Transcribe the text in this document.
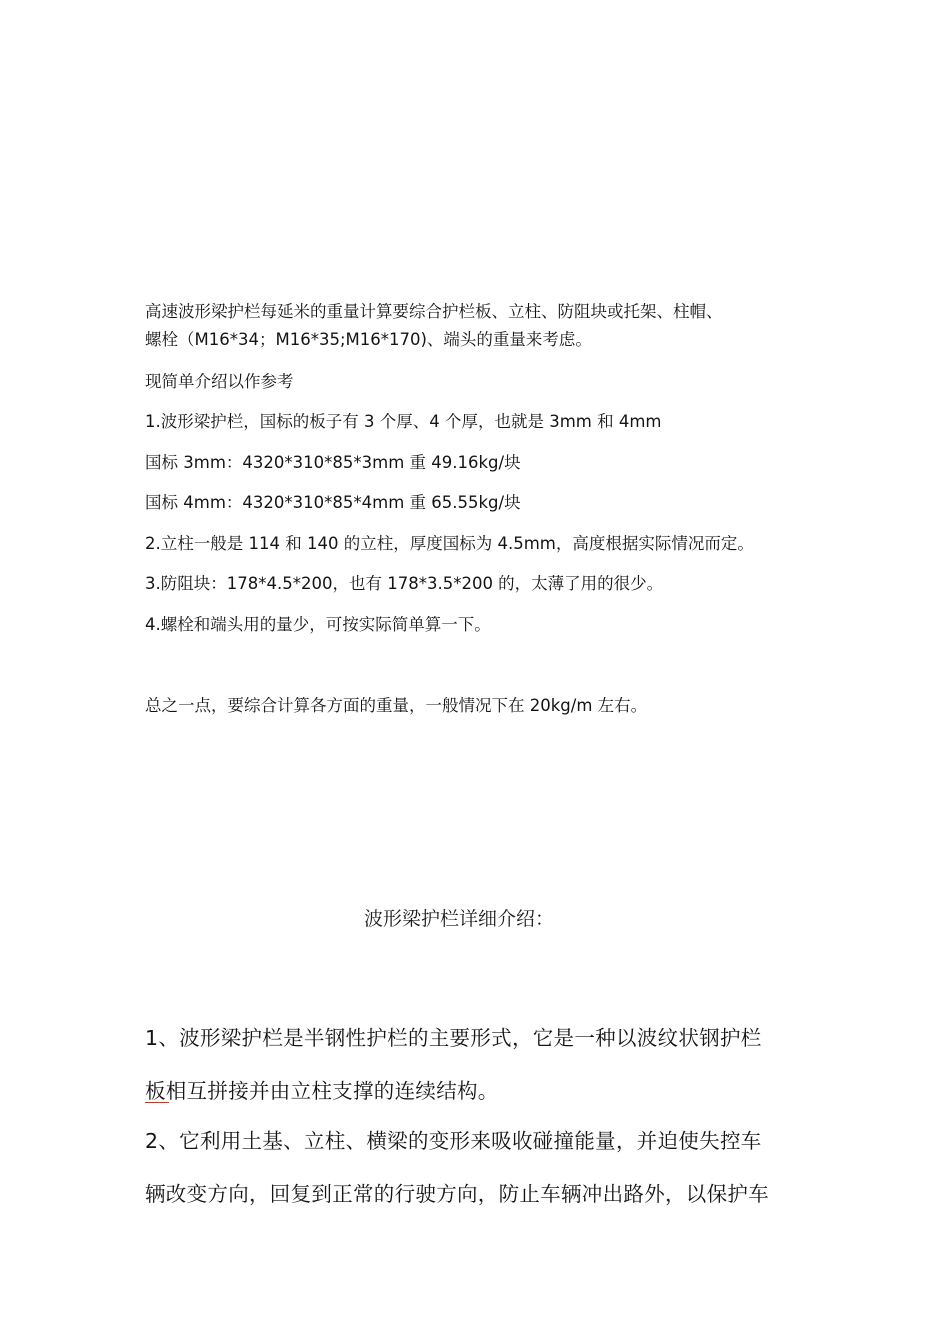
高速波形梁护栏每延米的重量计算要综合护栏板、立柱、防阻块或托架、柱帽、
螺栓（M16*34；M16*35;M16*170)、端头的重量来考虑。
现简单介绍以作参考
1.波形梁护栏，国标的板子有 3 个厚、4 个厚，也就是 3mm 和 4mm
国标 3mm：4320*310*85*3mm 重 49.16kg/块
国标 4mm：4320*310*85*4mm 重 65.55kg/块
2.立柱一般是 114 和 140 的立柱，厚度国标为 4.5mm，高度根据实际情况而定。
3.防阻块：178*4.5*200，也有 178*3.5*200 的，太薄了用的很少。
4.螺栓和端头用的量少，可按实际简单算一下。
总之一点，要综合计算各方面的重量，一般情况下在 20kg/m 左右。
波形梁护栏详细介绍：
1、波形梁护栏是半钢性护栏的主要形式，它是一种以波纹状钢护栏
板相互拼接并由立柱支撑的连续结构。
2、它利用土基、立柱、横梁的变形来吸收碰撞能量，并迫使失控车
辆改变方向，回复到正常的行驶方向，防止车辆冲出路外，以保护车
